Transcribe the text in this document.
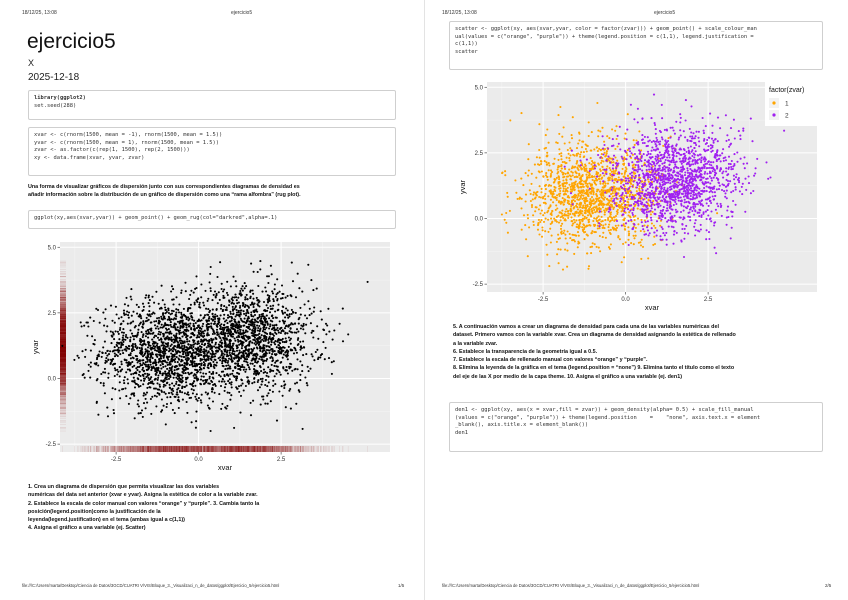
18/12/25, 13:08	ejercicio5
ejercicio5
X
2025-12-18
library(ggplot2)
set.seed(288)
xvar <- c(rnorm(1500, mean = -1), rnorm(1500, mean = 1.5))
yvar <- c(rnorm(1500, mean = 1), rnorm(1500, mean = 1.5))
zvar <- as.factor(c(rep(1, 1500), rep(2, 1500)))
xy <- data.frame(xvar, yvar, zvar)
Una forma de visualizar gráficos de dispersión junto con sus correspondientes diagramas de densidad es
añadir información sobre la distribución de un gráfico de dispersión como una “rama alfombra” (rug plot).
ggplot(xy,aes(xvar,yvar)) + geom_point() + geom_rug(col="darkred",alpha=.1)
-2.5	0.0	2.5
-2.5
0.0
2.5
5.0
xvar
yvar
1. Crea un diagrama de dispersión que permita visualizar las dos variables
numéricas del data set anterior (xvar e yvar). Asigna la estética de color a la variable zvar.
2. Establece la escala de color manual con valores “orange” y “purple”. 3. Cambia tanto la
posición(legend.position)como la justificación de la
leyenda(legend.justification) en el tema (ambas igual a c(1,1))
4. Asigna el gráfico a una variable (ej. Scatter)
file:///C:/Users/marta/Desktop/Ciencia de Datos/3GCD/CUATRI V/VIS/Bloque_3._Visualizaci_n_de_datos/ggplot/Ejercicio_5/ejercicio5.html	1/5
18/12/25, 13:08	ejercicio5
scatter <- ggplot(xy, aes(xvar,yvar, color = factor(zvar))) + geom_point() + scale_colour_man
ual(values = c("orange", "purple")) + theme(legend.position = c(1,1), legend.justification =
c(1,1))
scatter
-2.5	0.0	2.5
-2.5
0.0
2.5
5.0
xvar
yvar
factor(zvar)
1
2
5. A continuación vamos a crear un diagrama de densidad para cada una de las variables numéricas del
dataset. Primero vamos con la variable xvar. Crea un diagrama de densidad asignando la estética de rellenado
a la variable zvar.
6. Establece la transparencia de la geometría igual a 0.5.
7. Establece la escala de rellenado manual con valores “orange” y “purple”.
8. Elimina la leyenda de la gráfica en el tema (legend.position = “none”) 9. Elimina tanto el título como el texto
del eje de las X por medio de la capa theme. 10. Asigna el gráfico a una variable (ej. den1)
den1 <- ggplot(xy, aes(x = xvar,fill = zvar)) + geom_density(alpha= 0.5) + scale_fill_manual
(values = c("orange", "purple")) + theme(legend.position    =    "none", axis.text.x = element
_blank(), axis.title.x = element_blank())
den1
file:///C:/Users/marta/Desktop/Ciencia de Datos/3GCD/CUATRI V/VIS/Bloque_3._Visualizaci_n_de_datos/ggplot/Ejercicio_5/ejercicio5.html	2/5
